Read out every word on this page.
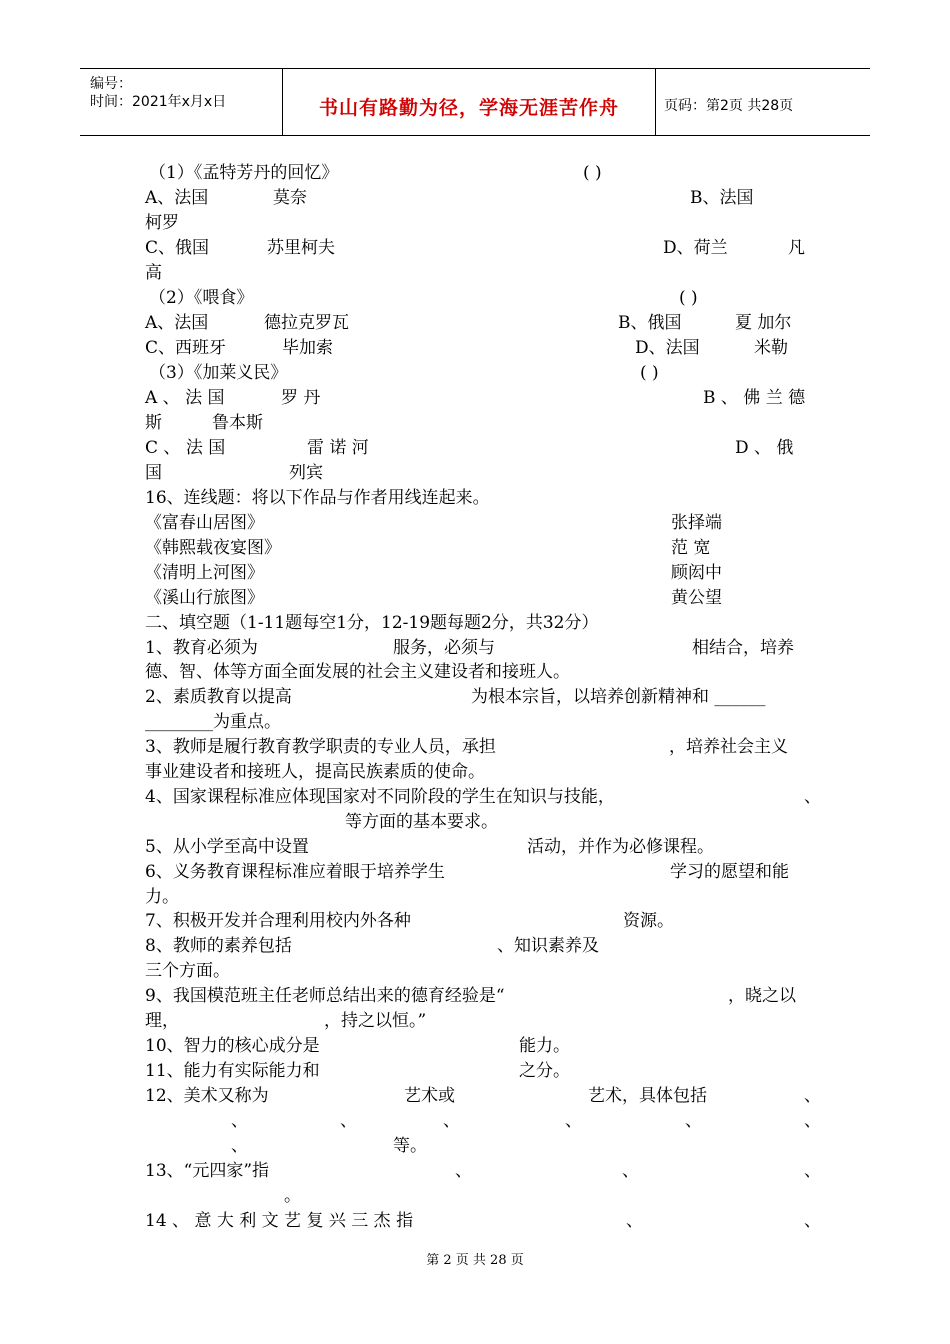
编号：
时间：2021年x月x日	书山有路勤为径，学海无涯苦作舟	页码：第2页 共28页
（1）《孟特芳丹的回忆》	( )
A、法国	莫奈	B、法国
柯罗
C、俄国	苏里柯夫	D、荷兰	凡
高
（2）《喂食》	( )
A、法国	德拉克罗瓦	B、俄国	夏 加尔
C、西班牙	毕加索	D、法国	米勒
（3）《加莱义民》	( )
A 、 法 国	罗 丹	B 、 佛 兰 德
斯	鲁本斯
C 、 法 国	雷 诺 河	D 、 俄
国	列宾
16、连线题：将以下作品与作者用线连起来。
《富春山居图》	张择端
《韩熙载夜宴图》	范 宽
《清明上河图》	顾闳中
《溪山行旅图》	黄公望
二、填空题（1-11题每空1分，12-19题每题2分，共32分）
1、教育必须为	服务，必须与	相结合，培养
德、智、体等方面全面发展的社会主义建设者和接班人。
2、素质教育以提高	为根本宗旨，以培养创新精神和 ______
________为重点。
3、教师是履行教育教学职责的专业人员，承担	，培养社会主义
事业建设者和接班人，提高民族素质的使命。
4、国家课程标准应体现国家对不同阶段的学生在知识与技能，	、
等方面的基本要求。
5、从小学至高中设置	活动，并作为必修课程。
6、义务教育课程标准应着眼于培养学生	学习的愿望和能
力。
7、积极开发并合理利用校内外各种	资源。
8、教师的素养包括	、知识素养及
三个方面。
9、我国模范班主任老师总结出来的德育经验是“	，晓之以
理，	，持之以恒。”
10、智力的核心成分是	能力。
11、能力有实际能力和	之分。
12、美术又称为	艺术或	艺术，具体包括	、
、	、	、	、	、	、
、	等。
13、“元四家”指	、	、	、
。
14 、 意 大 利 文 艺 复 兴 三 杰 指	、	、
第 2 页 共 28 页
